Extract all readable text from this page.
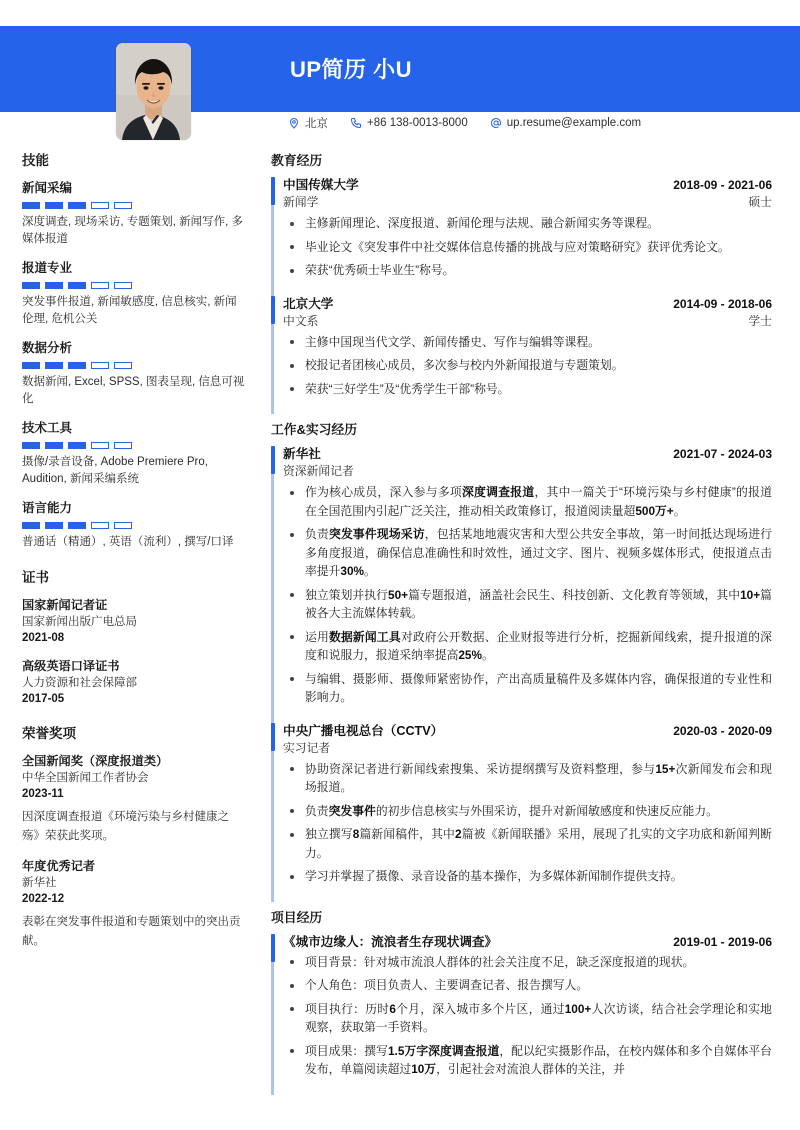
UP简历 小U
北京	+86 138-0013-8000	up.resume@example.com
技能
新闻采编
深度调查, 现场采访, 专题策划, 新闻写作, 多媒体报道
报道专业
突发事件报道, 新闻敏感度, 信息核实, 新闻伦理, 危机公关
数据分析
数据新闻, Excel, SPSS, 图表呈现, 信息可视化
技术工具
摄像/录音设备, Adobe Premiere Pro, Audition, 新闻采编系统
语言能力
普通话（精通）, 英语（流利）, 撰写/口译
证书
国家新闻记者证
国家新闻出版广电总局
2021-08
高级英语口译证书
人力资源和社会保障部
2017-05
荣誉奖项
全国新闻奖（深度报道类）
中华全国新闻工作者协会
2023-11
因深度调查报道《环境污染与乡村健康之殇》荣获此奖项。
年度优秀记者
新华社
2022-12
表彰在突发事件报道和专题策划中的突出贡献。
教育经历
中国传媒大学	2018-09 - 2021-06
新闻学	硕士
主修新闻理论、深度报道、新闻伦理与法规、融合新闻实务等课程。
毕业论文《突发事件中社交媒体信息传播的挑战与应对策略研究》获评优秀论文。
荣获“优秀硕士毕业生”称号。
北京大学	2014-09 - 2018-06
中文系	学士
主修中国现当代文学、新闻传播史、写作与编辑等课程。
校报记者团核心成员，多次参与校内外新闻报道与专题策划。
荣获“三好学生”及“优秀学生干部”称号。
工作&实习经历
新华社	2021-07 - 2024-03
资深新闻记者
作为核心成员，深入参与多项深度调查报道，其中一篇关于“环境污染与乡村健康”的报道在全国范围内引起广泛关注，推动相关政策修订，报道阅读量超500万+。
负责突发事件现场采访，包括某地地震灾害和大型公共安全事故，第一时间抵达现场进行多角度报道，确保信息准确性和时效性，通过文字、图片、视频多媒体形式，使报道点击率提升30%。
独立策划并执行50+篇专题报道，涵盖社会民生、科技创新、文化教育等领域，其中10+篇被各大主流媒体转载。
运用数据新闻工具对政府公开数据、企业财报等进行分析，挖掘新闻线索，提升报道的深度和说服力，报道采纳率提高25%。
与编辑、摄影师、摄像师紧密协作，产出高质量稿件及多媒体内容，确保报道的专业性和影响力。
中央广播电视总台（CCTV）	2020-03 - 2020-09
实习记者
协助资深记者进行新闻线索搜集、采访提纲撰写及资料整理，参与15+次新闻发布会和现场报道。
负责突发事件的初步信息核实与外围采访，提升对新闻敏感度和快速反应能力。
独立撰写8篇新闻稿件，其中2篇被《新闻联播》采用，展现了扎实的文字功底和新闻判断力。
学习并掌握了摄像、录音设备的基本操作，为多媒体新闻制作提供支持。
项目经历
《城市边缘人：流浪者生存现状调查》	2019-01 - 2019-06
项目背景：针对城市流浪人群体的社会关注度不足，缺乏深度报道的现状。
个人角色：项目负责人、主要调查记者、报告撰写人。
项目执行：历时6个月，深入城市多个片区，通过100+人次访谈，结合社会学理论和实地观察，获取第一手资料。
项目成果：撰写1.5万字深度调查报道，配以纪实摄影作品，在校内媒体和多个自媒体平台发布，单篇阅读超过10万，引起社会对流浪人群体的关注，并
